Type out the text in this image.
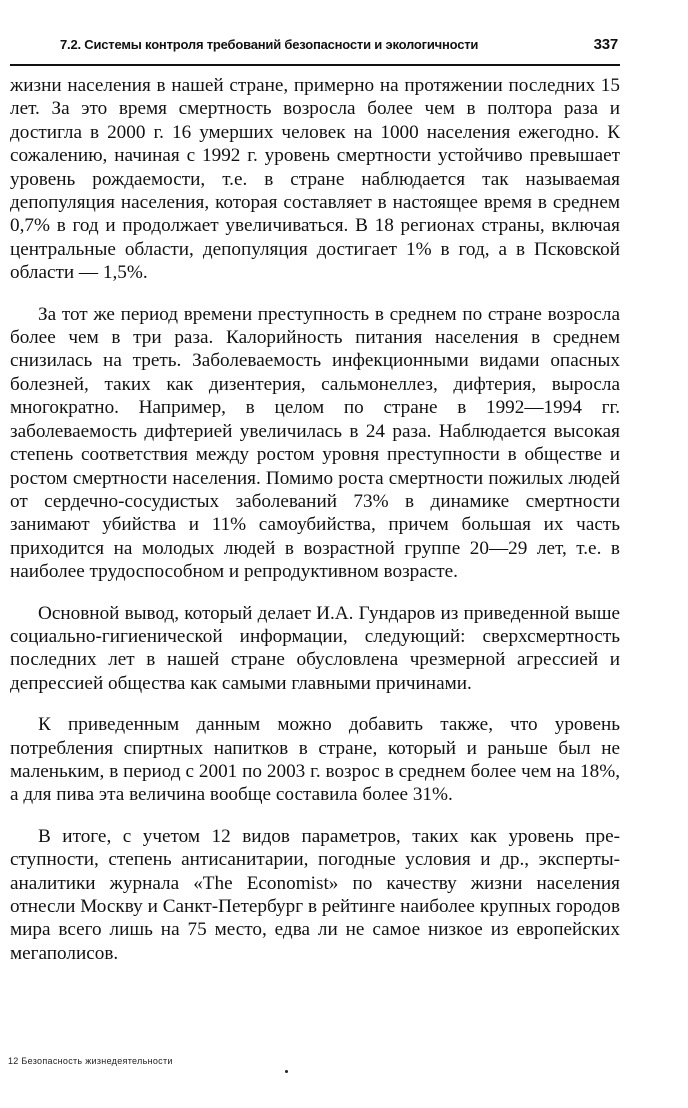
7.2. Системы контроля требований безопасности и экологичности	337

жизни населения в нашей стране, примерно на протяжении последних 15 лет. За это время смертность возросла более чем в полтора раза и достигла в 2000 г. 16 умерших человек на 1000 населения ежегодно. К сожалению, начиная с 1992 г. уровень смертности устойчиво превышает уровень рождаемости, т.е. в стране наблюдается так называемая депопуляция населения, которая составляет в настоящее время в среднем 0,7% в год и продолжает увеличиваться. В 18 регионах страны, включая центральные области, депопуляция достигает 1% в год, а в Псковской области — 1,5%.

За тот же период времени преступность в среднем по стране возросла более чем в три раза. Калорийность питания населения в среднем снизилась на треть. Заболеваемость инфекционными видами опасных болезней, таких как дизентерия, сальмонеллез, дифтерия, выросла многократно. Например, в целом по стране в 1992—1994 гг. заболеваемость дифтерией увеличилась в 24 раза. Наблюдается высокая степень соответствия между ростом уровня преступности в обществе и ростом смертности населения. Помимо роста смертности пожилых людей от сердечно-сосудистых заболеваний 73% в динамике смертности занимают убийства и 11% самоубийства, причем большая их часть приходится на молодых людей в возрастной группе 20—29 лет, т.е. в наиболее трудоспособном и репродуктивном возрасте.

Основной вывод, который делает И.А. Гундаров из приведенной выше социально-гигиенической информации, следующий: сверхсмертность последних лет в нашей стране обусловлена чрезмерной агрессией и депрессией общества как самыми главными причинами.

К приведенным данным можно добавить также, что уровень потребления спиртных напитков в стране, который и раньше был не маленьким, в период с 2001 по 2003 г. возрос в среднем более чем на 18%, а для пива эта величина вообще составила более 31%.

В итоге, с учетом 12 видов параметров, таких как уровень преступности, степень антисанитарии, погодные условия и др., эксперты-аналитики журнала «The Economist» по качеству жизни населения отнесли Москву и Санкт-Петербург в рейтинге наиболее крупных городов мира всего лишь на 75 место, едва ли не самое низкое из европейских мегаполисов.

12 Безопасность жизнедеятельности
